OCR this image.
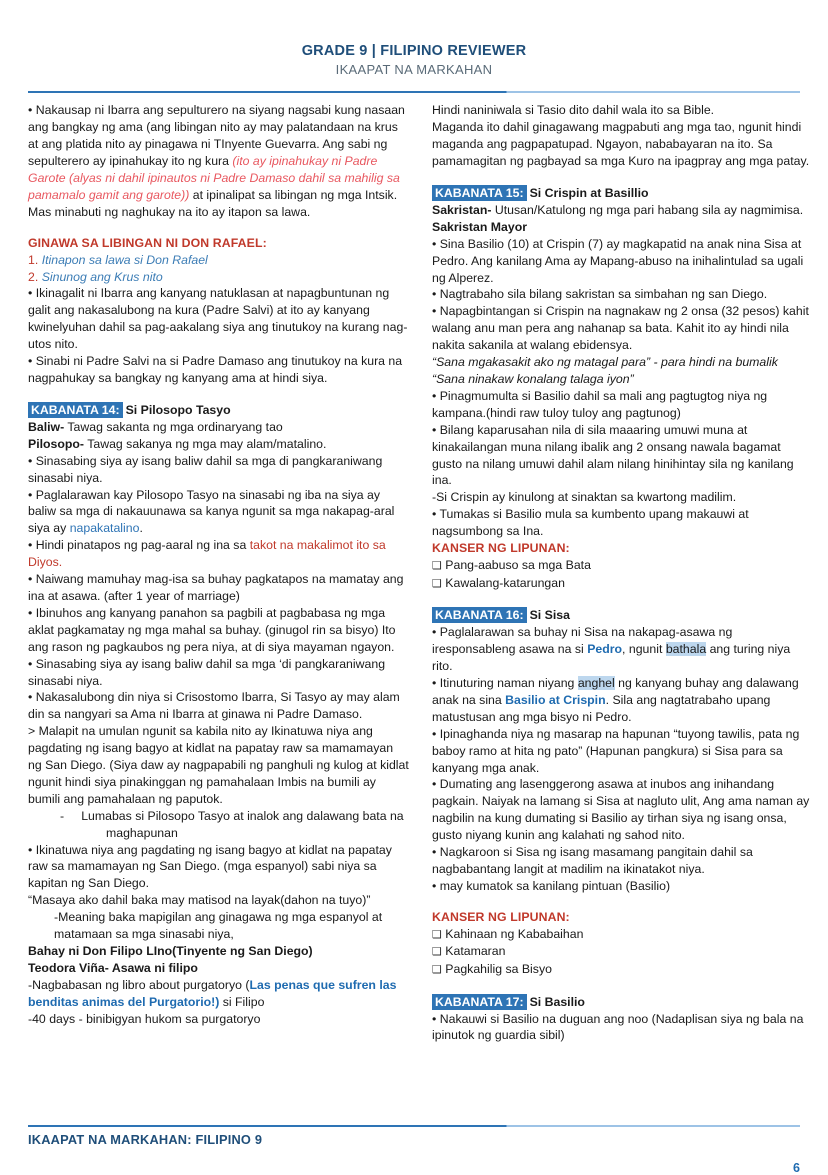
GRADE 9 | FILIPINO REVIEWER
IKAAPAT NA MARKAHAN

• Nakausap ni Ibarra ang sepulturero na siyang nagsabi kung nasaan ang bangkay ng ama (ang libingan nito ay may palatandaan na krus at ang platida nito ay pinagawa ni TInyente Guevarra. Ang sabi ng sepulterero ay ipinahukay ito ng kura (ito ay ipinahukay ni Padre Garote (alyas ni dahil ipinautos ni Padre Damaso dahil sa mahilig sa pamamalo gamit ang garote)) at ipinalipat sa libingan ng mga Intsik. Mas minabuti ng naghukay na ito ay itapon sa lawa.

GINAWA SA LIBINGAN NI DON RAFAEL:

1. Itinapon sa lawa si Don Rafael

2. Sinunog ang Krus nito

• Ikinagalit ni Ibarra ang kanyang natuklasan at napagbuntunan ng galit ang nakasalubong na kura (Padre Salvi) at ito ay kanyang kwinelyuhan dahil sa pag-aakalang siya ang tinutukoy na kurang nag-utos nito.

• Sinabi ni Padre Salvi na si Padre Damaso ang tinutukoy na kura na nagpahukay sa bangkay ng kanyang ama at hindi siya.

KABANATA 14: Si Pilosopo Tasyo

Baliw- Tawag sakanta ng mga ordinaryang tao

Pilosopo- Tawag sakanya ng mga may alam/matalino.

• Sinasabing siya ay isang baliw dahil sa mga di pangkaraniwang sinasabi niya.

• Paglalarawan kay Pilosopo Tasyo na sinasabi ng iba na siya ay baliw sa mga di nakauunawa sa kanya ngunit sa mga nakapag-aral siya ay napakatalino.

• Hindi pinatapos ng pag-aaral ng ina sa takot na makalimot ito sa Diyos.

• Naiwang mamuhay mag-isa sa buhay pagkatapos na mamatay ang ina at asawa. (after 1 year of marriage)

• Ibinuhos ang kanyang panahon sa pagbili at pagbabasa ng mga aklat pagkamatay ng mga mahal sa buhay. (ginugol rin sa bisyo) Ito ang rason ng pagkaubos ng pera niya, at di siya mayaman ngayon.

• Sinasabing siya ay isang baliw dahil sa mga ‘di pangkaraniwang sinasabi niya.

• Nakasalubong din niya si Crisostomo Ibarra, Si Tasyo ay may alam din sa nangyari sa Ama ni Ibarra at ginawa ni Padre Damaso.

> Malapit na umulan ngunit sa kabila nito ay Ikinatuwa niya ang pagdating ng isang bagyo at kidlat na papatay raw sa mamamayan ng San Diego. (Siya daw ay nagpapabili ng panghuli ng kulog at kidlat ngunit hindi siya pinakinggan ng pamahalaan Imbis na bumili ay bumili ang pamahalaan ng paputok.

- Lumabas si Pilosopo Tasyo at inalok ang dalawang bata na maghapunan

• Ikinatuwa niya ang pagdating ng isang bagyo at kidlat na papatay raw sa mamamayan ng San Diego. (mga espanyol) sabi niya sa kapitan ng San Diego.

“Masaya ako dahil baka may matisod na layak(dahon na tuyo)”

-Meaning baka mapigilan ang ginagawa ng mga espanyol at matamaan sa mga sinasabi niya,

Bahay ni Don Filipo LIno(Tinyente ng San Diego)

Teodora Viña- Asawa ni filipo

-Nagbabasan ng libro about purgatoryo (Las penas que sufren las benditas animas del Purgatorio!) si Filipo

-40 days - binibigyan hukom sa purgatoryo

Hindi naniniwala si Tasio dito dahil wala ito sa Bible.

Maganda ito dahil ginagawang magpabuti ang mga tao, ngunit hindi maganda ang pagpapatupad. Ngayon, nababayaran na ito. Sa pamamagitan ng pagbayad sa mga Kuro na ipagpray ang mga patay.

KABANATA 15: Si Crispin at Basillio

Sakristan- Utusan/Katulong ng mga pari habang sila ay nagmimisa.

Sakristan Mayor

• Sina Basilio (10) at Crispin (7) ay magkapatid na anak nina Sisa at Pedro. Ang kanilang Ama ay Mapang-abuso na inihalintulad sa ugali ng Alperez.

• Nagtrabaho sila bilang sakristan sa simbahan ng san Diego.

• Napagbintangan si Crispin na nagnakaw ng 2 onsa (32 pesos) kahit walang anu man pera ang nahanap sa bata. Kahit ito ay hindi nila nakita sakanila at walang ebidensya.

“Sana mgakasakit ako ng matagal para” - para hindi na bumalik

“Sana ninakaw konalang talaga iyon”

• Pinagmumulta si Basilio dahil sa mali ang pagtugtog niya ng kampana.(hindi raw tuloy tuloy ang pagtunog)

• Bilang kaparusahan nila di sila maaaring umuwi muna at kinakailangan muna nilang ibalik ang 2 onsang nawala bagamat gusto na nilang umuwi dahil alam nilang hinihintay sila ng kanilang ina.

-Si Crispin ay kinulong at sinaktan sa kwartong madilim.

• Tumakas si Basilio mula sa kumbento upang makauwi at nagsumbong sa Ina.

KANSER NG LIPUNAN:

❑ Pang-aabuso sa mga Bata

❑ Kawalang-katarungan

KABANATA 16: Si Sisa

• Paglalarawan sa buhay ni Sisa na nakapag-asawa ng iresponsableng asawa na si Pedro, ngunit bathala ang turing niya rito.

• Itinuturing naman niyang anghel ng kanyang buhay ang dalawang anak na sina Basilio at Crispin. Sila ang nagtatrabaho upang matustusan ang mga bisyo ni Pedro.

• Ipinaghanda niya ng masarap na hapunan “tuyong tawilis, pata ng baboy ramo at hita ng pato” (Hapunan pangkura) si Sisa para sa kanyang mga anak.

• Dumating ang lasenggerong asawa at inubos ang inihandang pagkain. Naiyak na lamang si Sisa at nagluto ulit, Ang ama naman ay nagbilin na kung dumating si Basilio ay tirhan siya ng isang onsa, gusto niyang kunin ang kalahati ng sahod nito.

• Nagkaroon si Sisa ng isang masamang pangitain dahil sa nagbabantang langit at madilim na ikinatakot niya.

• may kumatok sa kanilang pintuan (Basilio)

KANSER NG LIPUNAN:

❑ Kahinaan ng Kababaihan

❑ Katamaran

❑ Pagkahilig sa Bisyo

KABANATA 17: Si Basilio

• Nakauwi si Basilio na duguan ang noo (Nadaplisan siya ng bala na ipinutok ng guardia sibil)

IKAAPAT NA MARKAHAN: FILIPINO 9
6
